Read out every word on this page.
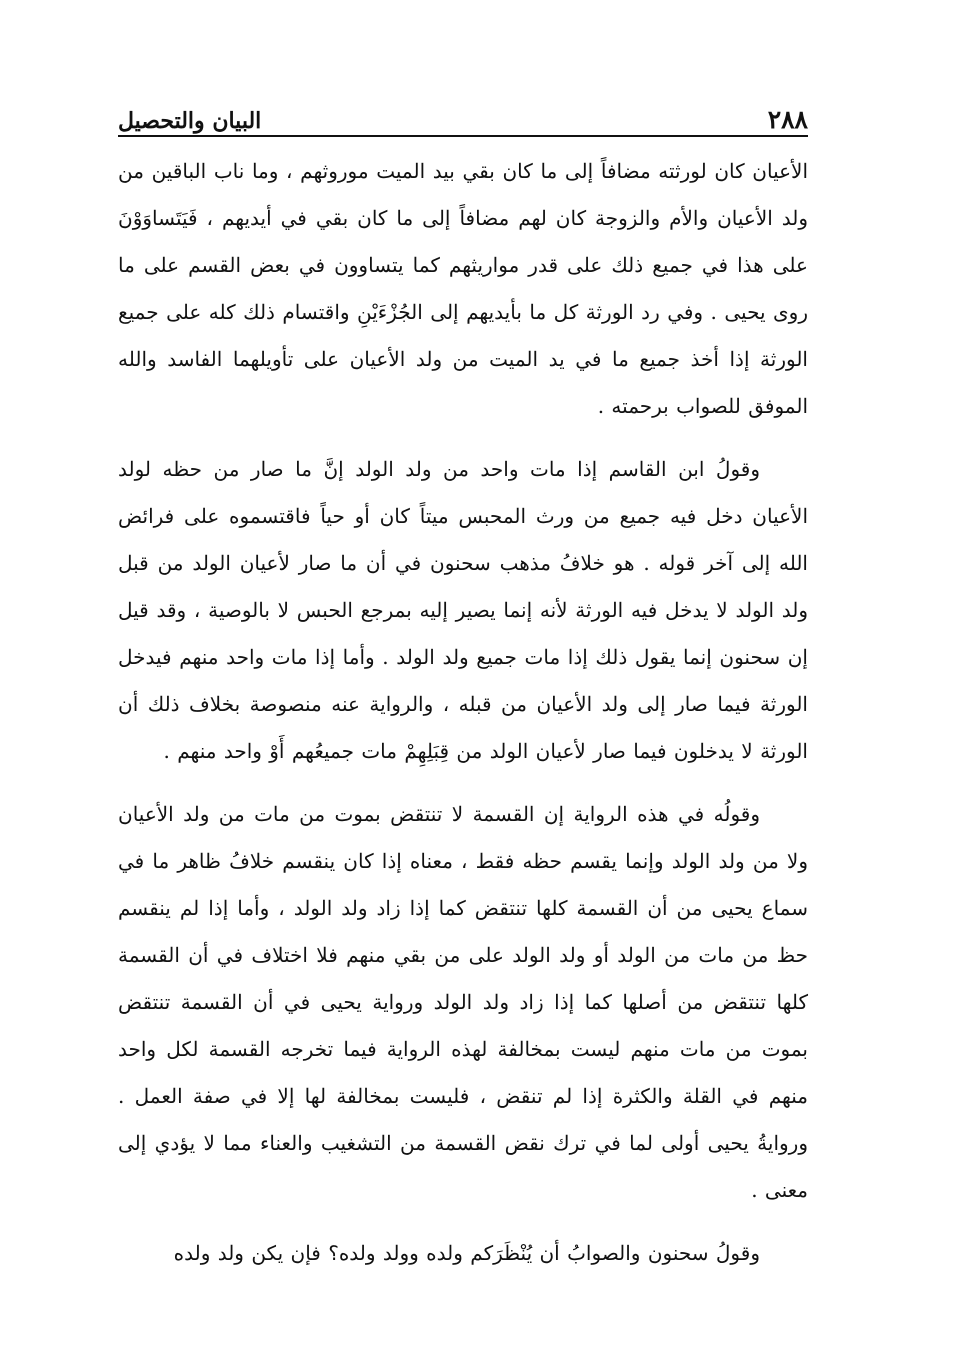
٢٨٨
البيان والتحصيل

الأعيان كان لورثته مضافاً إلى ما كان بقي بيد الميت موروثهم ، وما ناب الباقين من ولد الأعيان والأم والزوجة كان لهم مضافاً إلى ما كان بقي في أيديهم ، فَيَتَساوَوْنَ على هذا في جميع ذلك على قدر مواريثهم كما يتساوون في بعض القسم على ما روى يحيى . وفي رد الورثة كل ما بأيديهم إلى الجُزْءَيْنِ واقتسام ذلك كله على جميع الورثة إذا أخذ جميع ما في يد الميت من ولد الأعيان على تأويلهما الفاسد والله الموفق للصواب برحمته .

وقولُ ابن القاسم إذا مات واحد من ولد الولد إنَّ ما صار من حظه لولد الأعيان دخل فيه جميع من ورث المحبس ميتاً كان أو حياً فاقتسموه على فرائض الله إلى آخر قوله . هو خلافُ مذهب سحنون في أن ما صار لأعيان الولد من قبل ولد الولد لا يدخل فيه الورثة لأنه إنما يصير إليه بمرجع الحبس لا بالوصية ، وقد قيل إن سحنون إنما يقول ذلك إذا مات جميع ولد الولد . وأما إذا مات واحد منهم فيدخل الورثة فيما صار إلى ولد الأعيان من قبله ، والرواية عنه منصوصة بخلاف ذلك أن الورثة لا يدخلون فيما صار لأعيان الولد من قِبَلِهِمْ مات جميعُهم أَوْ واحد منهم .

وقولُه في هذه الرواية إن القسمة لا تنتقض بموت من مات من ولد الأعيان ولا من ولد الولد وإنما يقسم حظه فقط ، معناه إذا كان ينقسم خلافُ ظاهر ما في سماع يحيى من أن القسمة كلها تنتقض كما إذا زاد ولد الولد ، وأما إذا لم ينقسم حظ من مات من الولد أو ولد الولد على من بقي منهم فلا اختلاف في أن القسمة كلها تنتقض من أصلها كما إذا زاد ولد الولد ورواية يحيى في أن القسمة تنتقض بموت من مات منهم ليست بمخالفة لهذه الرواية فيما تخرجه القسمة لكل واحد منهم في القلة والكثرة إذا لم تنقض ، فليست بمخالفة لها إلا في صفة العمل . وروايةُ يحيى أولى لما في ترك نقض القسمة من التشغيب والعناء مما لا يؤدي إلى معنى .

وقولُ سحنون والصوابُ أن يُنْظَرَكم ولده وولد ولده؟ فإن يكن ولد ولده
